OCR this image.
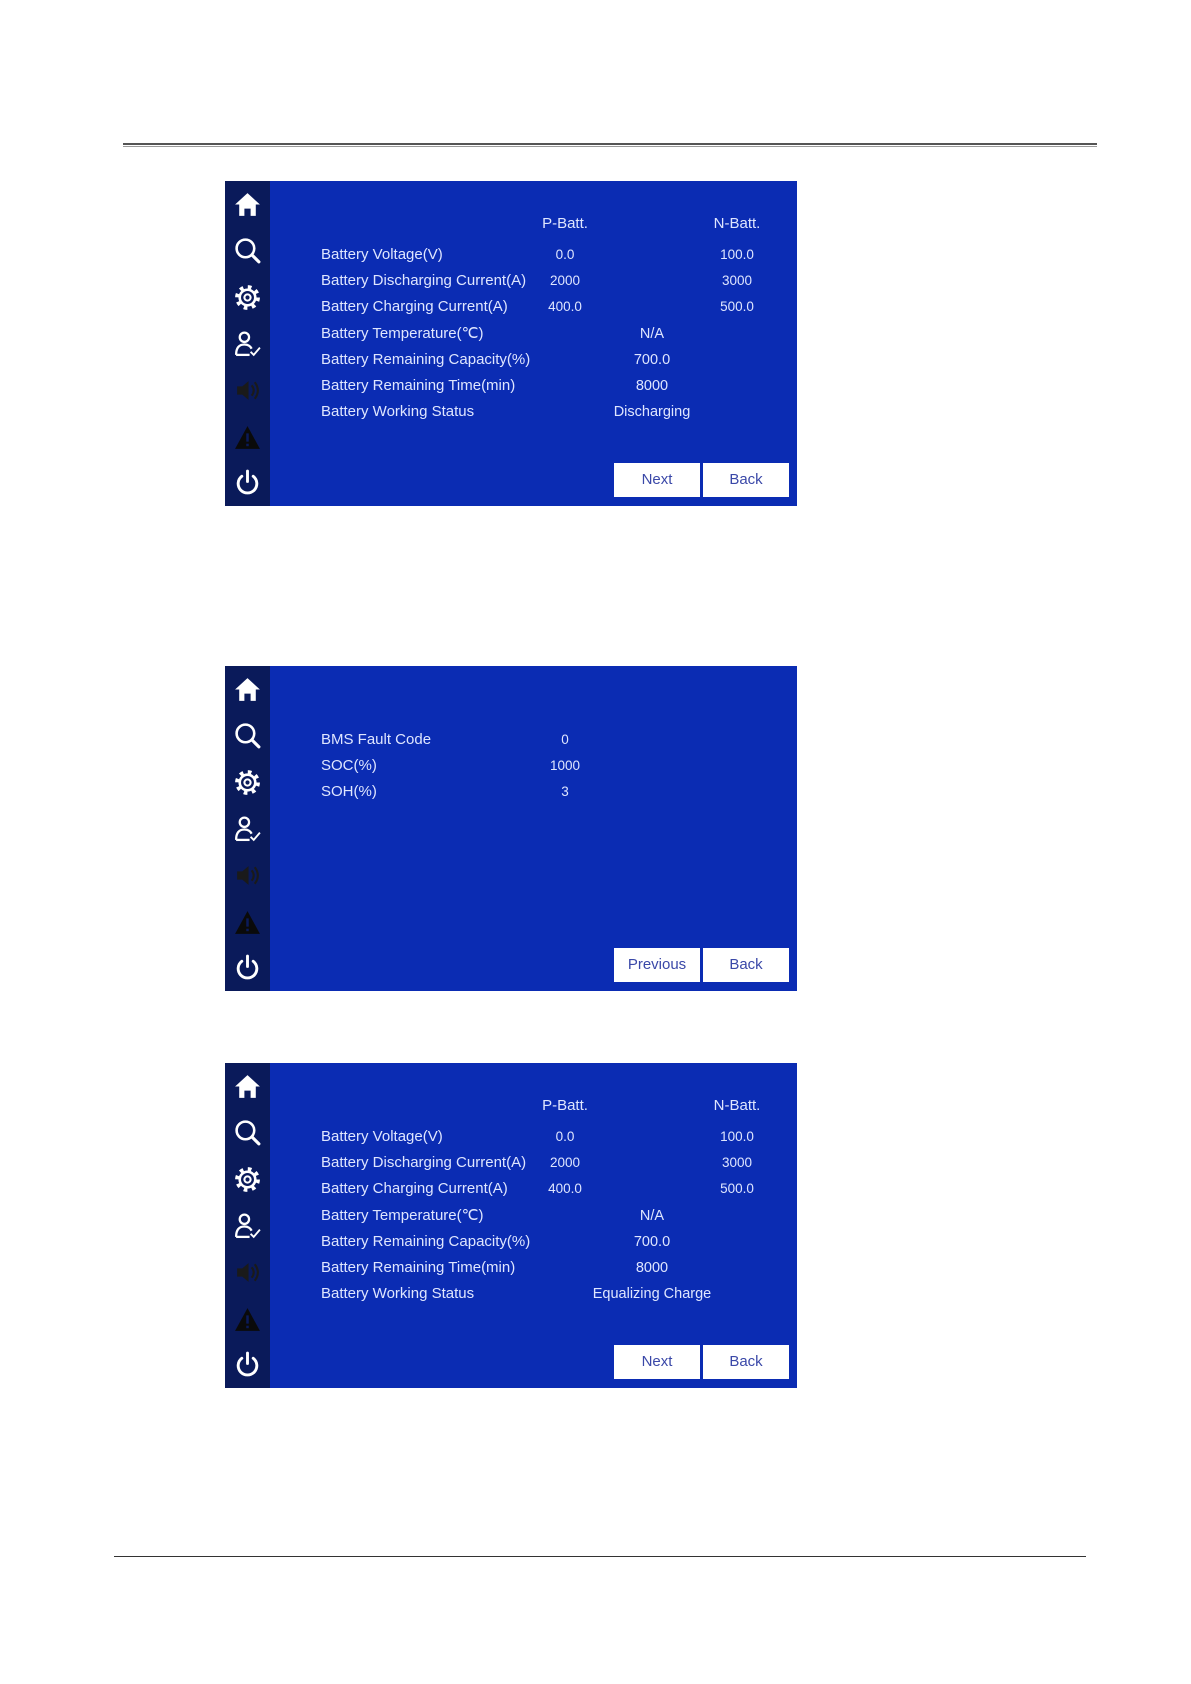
P-Batt.	N-Batt.
Battery Voltage(V)	0.0	100.0
Battery Discharging Current(A)	2000	3000
Battery Charging Current(A)	400.0	500.0
Battery Temperature(℃)	N/A
Battery Remaining Capacity(%)	700.0
Battery Remaining Time(min)	8000
Battery Working Status	Discharging
Next	Back
BMS Fault Code	0
SOC(%)	1000
SOH(%)	3
Previous	Back
P-Batt.	N-Batt.
Battery Voltage(V)	0.0	100.0
Battery Discharging Current(A)	2000	3000
Battery Charging Current(A)	400.0	500.0
Battery Temperature(℃)	N/A
Battery Remaining Capacity(%)	700.0
Battery Remaining Time(min)	8000
Battery Working Status	Equalizing Charge
Next	Back
